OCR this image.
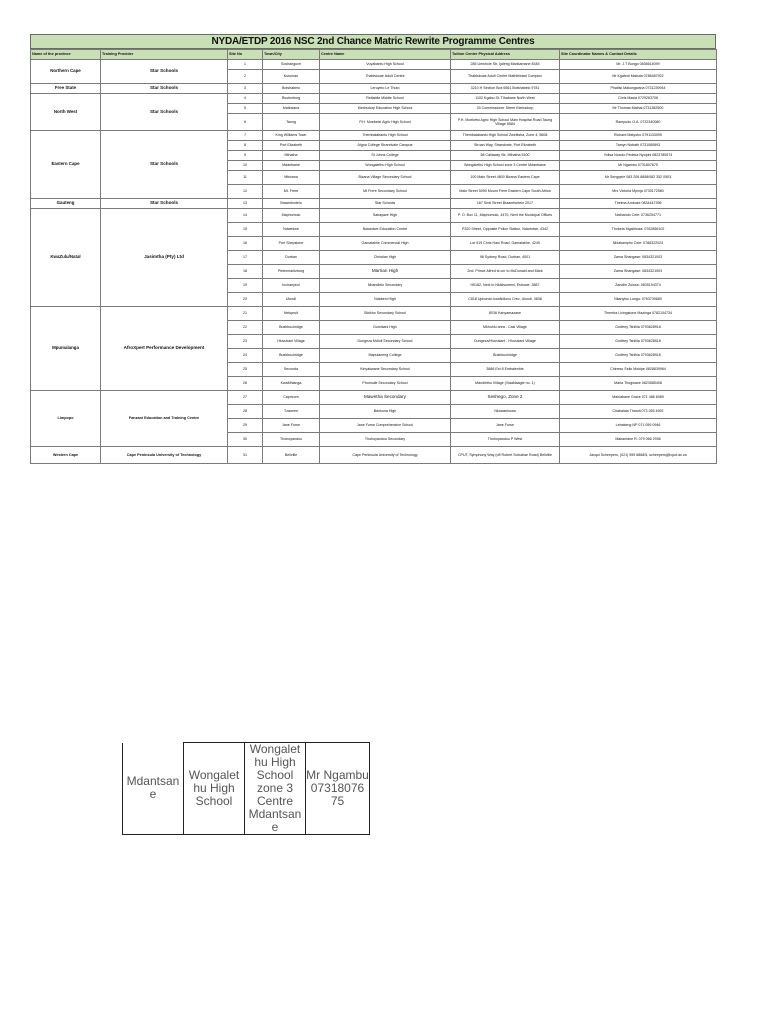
NYDA/ETDP 2016 NSC 2nd Chance Matric Rewrite Programme Centres
Name of the province	Training Provider	Site No	Town/City	Centre Name	Tuition Center Physical Address	Site Coordinator Names & Contact Details
Northern Cape	Star Schools	1	Soshanguve	Vuyabantu High School	285 Umshole Str, Ijaleng Marikamane 8345	Mr. J.T Bongo 0836614099
		2	Kuruman	Thabiskoae Adult Centre	Thabiskoae Adult Centre Mathibistad Complex	Mr Kgafedi Mabuta 0786487922
Free State	Star Schools	3	Botshabelo	Leruyelo Le Thuto	3210 H Section Box 6561 Botshabelo 9781	Phatlisi Makongwana 0731239944
North West	Star Schools	4	Rustenburg	Retlabile Middle School	1102 Kgabo St. Tlhabane North West	Chris Masia 0729263706
		5	Matlosana	Klerksdorp Education High School	33 Commissioner Street Klerksdorp	Mr Thomas Mathai 0731382500
		6	Taung	P.H. Moeketsi Agric High School	P.H. Moeketsi Agric High School Main Hospital Road Taung Village 8584	Rampudu O.A. 0732340080
Eastern Cape	Star Schools	7	King Williams Town	Thembalabantu High School	Thembalabantu High School Zwelitsha, Zone 4, 5608	Richard Matyobo 0791133099
		8	Port Elizabeth	Algoa College Strandvale Campus	Struan Way, Strandvale, Port Elizabeth	Tamyn Nobath 0731080893
		9	Mthatha	St Johns College	58 Callaway Str, Mthatha 5100	Yolisa Noxolo Fedeka Nyopini 0823780574
		10	Mdantsane	Wongalethu High School	Wongalethu High School zone 3 Centre Mdantsane	Mr Ngambu 0731807675
		11	Mbizana	Bizana Village Secondary School	100 Main Street 4800 Bizana Eastern Cape	Mr Sengqele 083 206 8858/082 352 0503
		12	Mt. Frere	Mt Frere Secondary School	Main Street 5090 Mount Frere Eastern Cape South Africa	Mrs Victoria Mpinja 0730172580
Gauteng	Star Schools	13	Braamfontein	Star Schools	167 Smit Street Braamfontein 2017	Thelma Ambuse 0834447396
KwaZulu/Natal	Jasimtha (Pty) Ltd	14	Maphumulo	Sabayaze High	P. O. Box 11, Maphumulo, 4470, Next the Municipal Offices	Nathando Cele: 0736254771
		15	Ndwedwe	Ndwedwe Education Centre	P320 Street, Opposite Police Station, Ndwedwe, 4342	Thobela Mgabhoza: 0762856102
		16	Port Shepstone	Gamalakhe Commercial High	Lot 919 Chris Hani Road, Gamalakhe, 4249	Nhlakanipho Cele: 0788322024
		17	Durban	Christian High	98 Sydney Road, Durban, 4001	Zama Shangase: 0834321003
		18	Pietermaritzburg	Marrian High	2nd. Prince Alfred st cnr to McDonald and Mark	Zama Shangase: 0834321003
		19	Inchanyeni	Nhandlelo Secondary	H5182, Next to Nkikisomeni, Eshowe, 3867	Zandile Zuluse: 0839194374
		20	Ulundi	Ndabeni High	C818 Uphondo kwaNdlovu Crec, Ulundi, 3838	Nkanyiso Lungu: 0763739680
Mpumalanga	AfroXpert Performance Development	21	Nelspruit	Sibikho Secondary School	8036 Kanyamazane	Themba Livingstone Mazinga 0782104734
		22	Bushbuckridge	Dumisani High	Mkhuhlu area - Casi Village	Godfrey Tshilila 0793628918
		23	Hluvukani Village	Dungeza Mdluli Secondary School	Dungeza/Hluvukani - Hluvukani Village	Godfrey Tshilila 0793628918
		24	Bushbuckridge	Mapulaneng College	Bushbuckridge	Godfrey Tshilila 0793628918
		25	Secunda	Kinyakwane Secondary School	3886 Ext 8 Embalenhle	Chineso Sello Mokipe 0828839964
		26	KwaMhlanga	Phumuile Secondary School	Mandlethu Village (Vlaaklaagte no. 1)	Maria Thugwane 0823585408
Limpopo	Fanzani Education and Training Centre	27	Capricorn	Mawetha Secondary	Seshego, Zone 2	Mahlabane Grace 071 486 6089
		28	Tzaneen	Bankuna High	Nkowankowa	Chabalala Thandi 073 265 4992
		29	Jane Furse	Jane Furse Comprehensive School	Jane Furse	Lebakeng NP 071 059 0946
		30	Thohoyandou	Thohoyandou Secondary	Thohoyandou P West	Makamane R. 079 066 2936
Western Cape	Cape Peninsula University of Technology	31	Bellville	Cape Peninsula University of Technology	CPUT, Symphony Way (off Robert Sobukwe Road) Bellville	Jacqui Scheepers, (021) 959 6868/5, scheepersj@cput.ac.za
Mdantsan e	Wongalet hu High School	Wongalet hu High School zone 3 Centre Mdantsan e	Mr Ngambu 07318076 75
